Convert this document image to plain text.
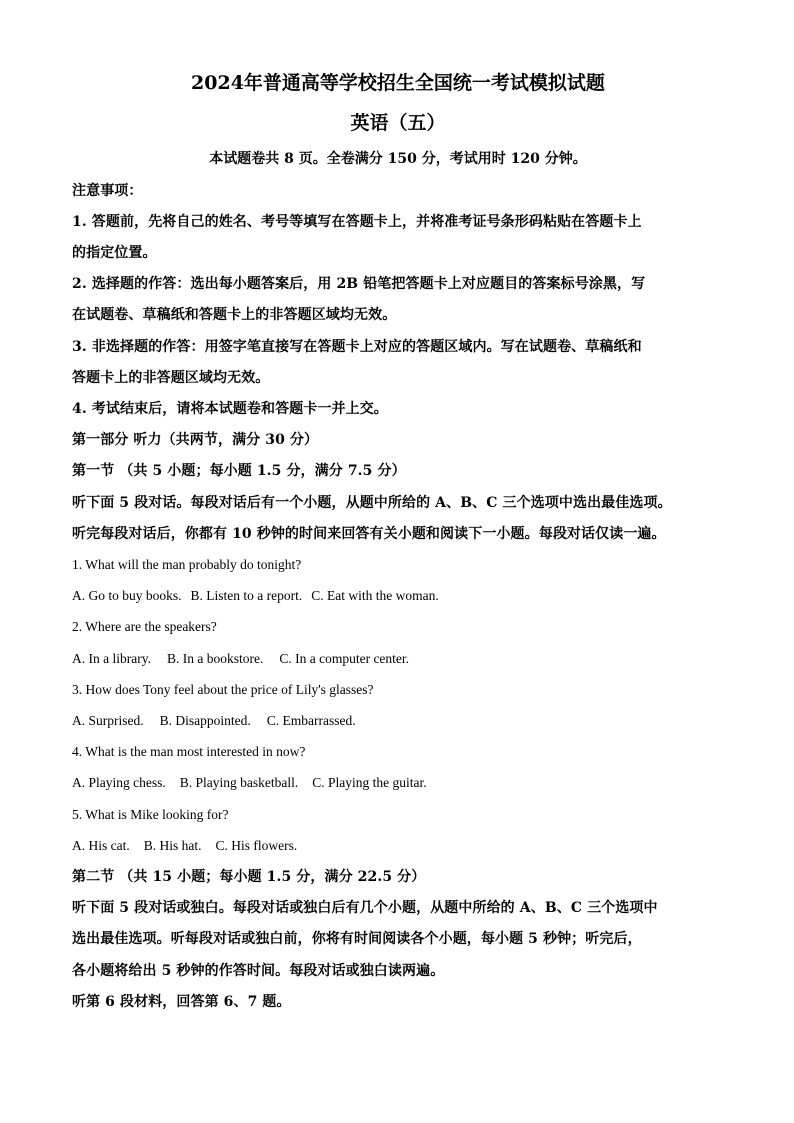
2024年普通高等学校招生全国统一考试模拟试题
英语（五）
本试题卷共 8 页。全卷满分 150 分，考试用时 120 分钟。
注意事项：
1. 答题前，先将自己的姓名、考号等填写在答题卡上，并将准考证号条形码粘贴在答题卡上
的指定位置。
2. 选择题的作答：选出每小题答案后，用 2B 铅笔把答题卡上对应题目的答案标号涂黑，写
在试题卷、草稿纸和答题卡上的非答题区域均无效。
3. 非选择题的作答：用签字笔直接写在答题卡上对应的答题区域内。写在试题卷、草稿纸和
答题卡上的非答题区域均无效。
4. 考试结束后，请将本试题卷和答题卡一并上交。
第一部分 听力（共两节，满分 30 分）
第一节 （共 5 小题；每小题 1.5 分，满分 7.5 分）
听下面 5 段对话。每段对话后有一个小题，从题中所给的 A、B、C 三个选项中选出最佳选项。
听完每段对话后，你都有 10 秒钟的时间来回答有关小题和阅读下一小题。每段对话仅读一遍。
1. What will the man probably do tonight?
A. Go to buy books. B. Listen to a report. C. Eat with the woman.
2. Where are the speakers?
A. In a library. B. In a bookstore. C. In a computer center.
3. How does Tony feel about the price of Lily's glasses?
A. Surprised. B. Disappointed. C. Embarrassed.
4. What is the man most interested in now?
A. Playing chess. B. Playing basketball. C. Playing the guitar.
5. What is Mike looking for?
A. His cat. B. His hat. C. His flowers.
第二节 （共 15 小题；每小题 1.5 分，满分 22.5 分）
听下面 5 段对话或独白。每段对话或独白后有几个小题，从题中所给的 A、B、C 三个选项中
选出最佳选项。听每段对话或独白前，你将有时间阅读各个小题，每小题 5 秒钟；听完后，
各小题将给出 5 秒钟的作答时间。每段对话或独白读两遍。
听第 6 段材料，回答第 6、7 题。
